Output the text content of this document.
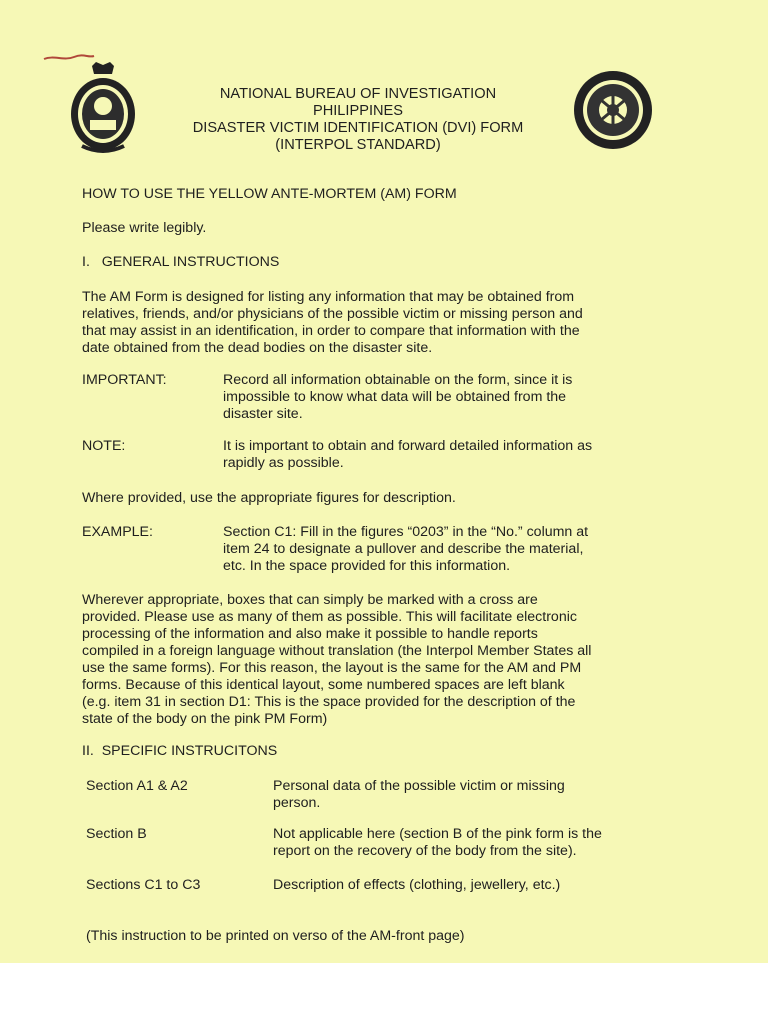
NATIONAL BUREAU OF INVESTIGATION
PHILIPPINES
DISASTER VICTIM IDENTIFICATION (DVI) FORM
(INTERPOL STANDARD)
HOW TO USE THE YELLOW ANTE-MORTEM (AM) FORM
Please write legibly.
I.   GENERAL INSTRUCTIONS
The AM Form is designed for listing any information that may be obtained from
relatives, friends, and/or physicians of the possible victim or missing person and
that may assist in an identification, in order to compare that information with the
date obtained from the dead bodies on the disaster site.
IMPORTANT:	Record all information obtainable on the form, since it is
impossible to know what data will be obtained from the
disaster site.
NOTE:	It is important to obtain and forward detailed information as
rapidly as possible.
Where provided, use the appropriate figures for description.
EXAMPLE:	Section C1: Fill in the figures “0203” in the “No.” column at
item 24 to designate a pullover and describe the material,
etc. In the space provided for this information.
Wherever appropriate, boxes that can simply be marked with a cross are
provided. Please use as many of them as possible. This will facilitate electronic
processing of the information and also make it possible to handle reports
compiled in a foreign language without translation (the Interpol Member States all
use the same forms). For this reason, the layout is the same for the AM and PM
forms. Because of this identical layout, some numbered spaces are left blank
(e.g. item 31 in section D1: This is the space provided for the description of the
state of the body on the pink PM Form)
II.  SPECIFIC INSTRUCITONS
Section A1 & A2	Personal data of the possible victim or missing
person.
Section B	Not applicable here (section B of the pink form is the
report on the recovery of the body from the site).
Sections C1 to C3	Description of effects (clothing, jewellery, etc.)
(This instruction to be printed on verso of the AM-front page)
